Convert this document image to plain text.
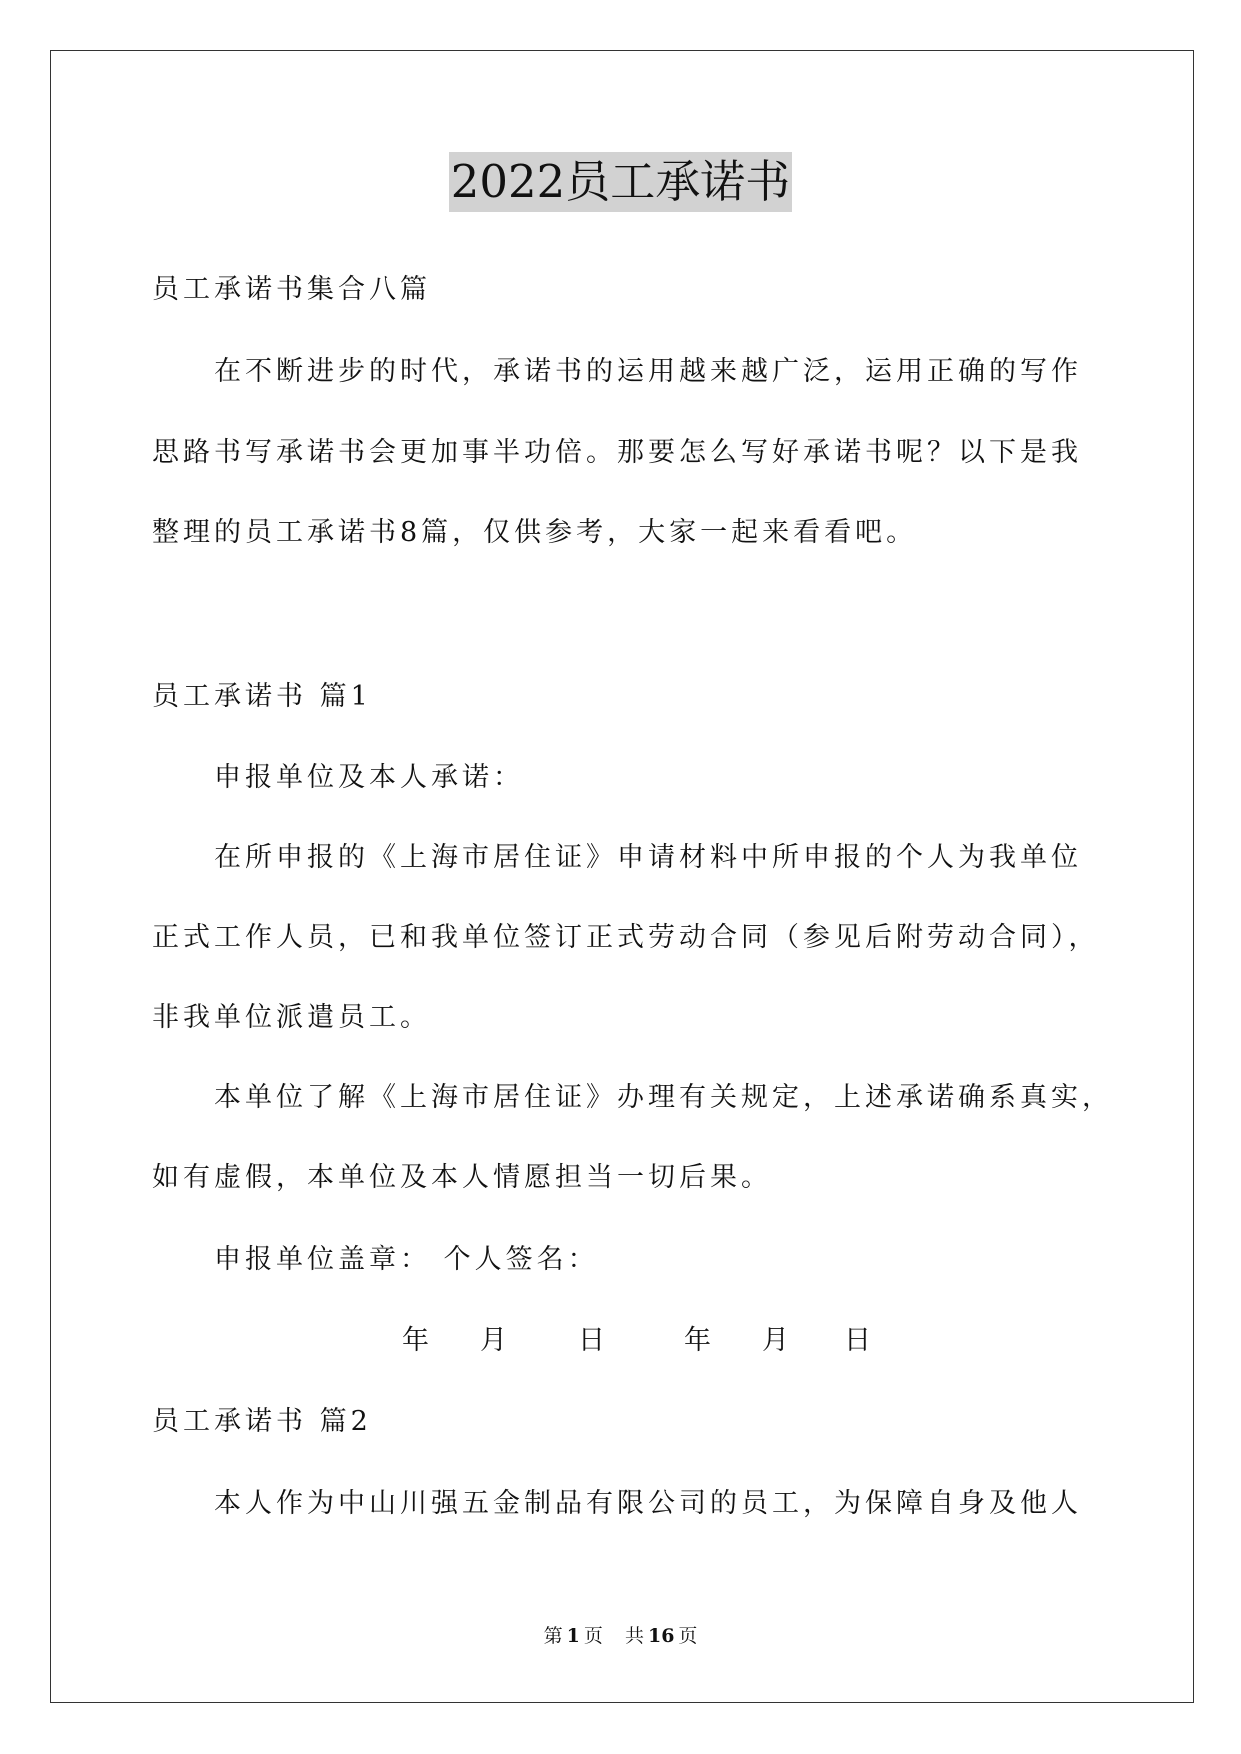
2022员工承诺书
员工承诺书集合八篇
在不断进步的时代，承诺书的运用越来越广泛，运用正确的写作
思路书写承诺书会更加事半功倍。那要怎么写好承诺书呢？以下是我
整理的员工承诺书8篇，仅供参考，大家一起来看看吧。
员工承诺书 篇1
申报单位及本人承诺：
在所申报的《上海市居住证》申请材料中所申报的个人为我单位
正式工作人员，已和我单位签订正式劳动合同（参见后附劳动合同），
非我单位派遣员工。
本单位了解《上海市居住证》办理有关规定，上述承诺确系真实，
如有虚假，本单位及本人情愿担当一切后果。
申报单位盖章： 个人签名：
年 月	日	年 月 日
员工承诺书 篇2
本人作为中山川强五金制品有限公司的员工，为保障自身及他人
第 1 页 共 16 页
